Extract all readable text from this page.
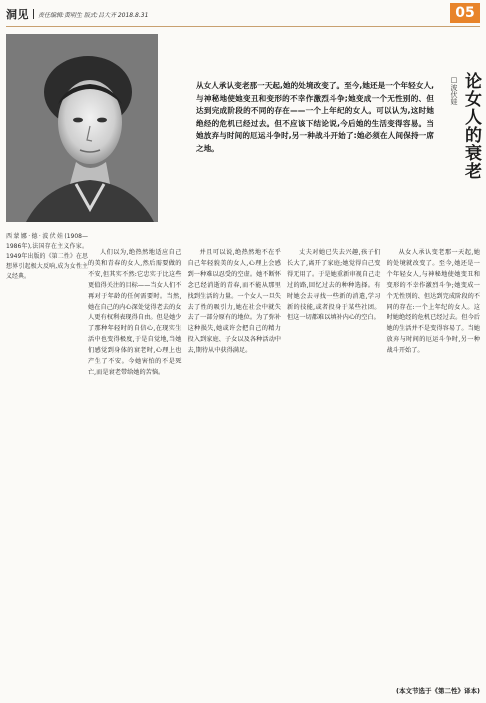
洞见 责任编辑:黄明生 版式:吕大齐 2018.8.31	05
西蒙娜·德·波伏娃(1908—1986年),法国存在主义作家。1949年出版的《第二性》在思想界引起极大反响,成为女性主义经典。
从女人承认变老那一天起,她的处境改变了。至今,她还是一个年轻女人,与神秘地使她变丑和变形的不幸作激烈斗争;她变成一个无性别的、但达到完成阶段的不同的存在——一个上年纪的女人。可以认为,这时她绝经的危机已经过去。但不应该下结论说,今后她的生活变得容易。当她放弃与时间的厄运斗争时,另一种战斗开始了:她必须在人间保持一席之地。	论女人的衰老
□波伏娃

人们以为,绝热然地适应自己的美和青春的女人,然后需要做的不安,但其实不然:它忠实于比这些更值得关注的目标——当女人们不再对于年龄的任何需要时。当然,她在自己的内心深处觉得老去的女人更有权利表现得自由。但是她少了那种年轻时的自信心,在现实生活中也变得极度,于是自觉地,当她们感觉到身体的衰老时,心理上也产生了不安。今她害怕的不是死亡,而是衰老带给她的苦恼。

并且可以说,绝热然地不在乎自己年轻貌美的女人,心理上会感到一种难以忍受的空虚。她不断怀念已经消逝的青春,而不能从那里找到生活的力量。一个女人一旦失去了性的吸引力,她在社会中就失去了一部分原有的地位。为了弥补这种损失,她或许会把自己的精力投入到家庭、子女以及各种活动中去,期待从中获得满足。

丈夫对她已失去兴趣,孩子们长大了,离开了家庭;她觉得自己变得无用了。于是她重新审视自己走过的路,回忆过去的种种选择。有时她会去寻找一些新的消遣,学习新的技能,或者投身于某些社团。但这一切都难以填补内心的空白。

从女人承认变老那一天起,她的处境就改变了。至今,她还是一个年轻女人,与神秘地使她变丑和变形的不幸作激烈斗争;她变成一个无性别的、但达到完成阶段的不同的存在:一个上年纪的女人。这时她绝经的危机已经过去。但今后她的生活并不是变得容易了。当她放弃与时间的厄运斗争时,另一种战斗开始了。

(本文节选于《第二性》译本)
